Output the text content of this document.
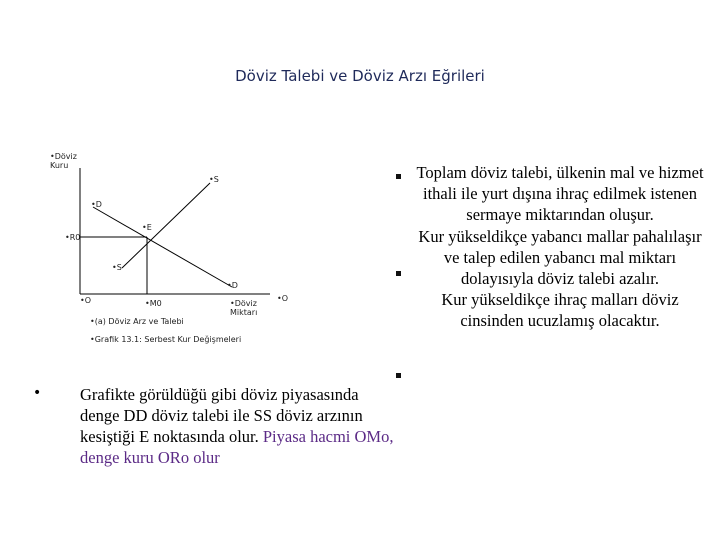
Döviz Talebi ve Döviz Arzı Eğrileri
•Döviz Kuru
•S
•D
•E
•R0
•S
•D
•O	•M0	•Döviz Miktarı
•O
•(a) Döviz Arz ve Talebi
•Grafik 13.1: Serbest Kur Değişmeleri
• Grafikte görüldüğü gibi döviz piyasasında denge DD döviz talebi ile SS döviz arzının kesiştiği E noktasında olur. Piyasa hacmi OMo, denge kuru ORo olur
Toplam döviz talebi, ülkenin mal ve hizmet ithali ile yurt dışına ihraç edilmek istenen sermaye miktarından oluşur.
Kur yükseldikçe yabancı mallar pahalılaşır ve talep edilen yabancı mal miktarı dolayısıyla döviz talebi azalır.
Kur yükseldikçe ihraç malları döviz cinsinden ucuzlamış olacaktır.
